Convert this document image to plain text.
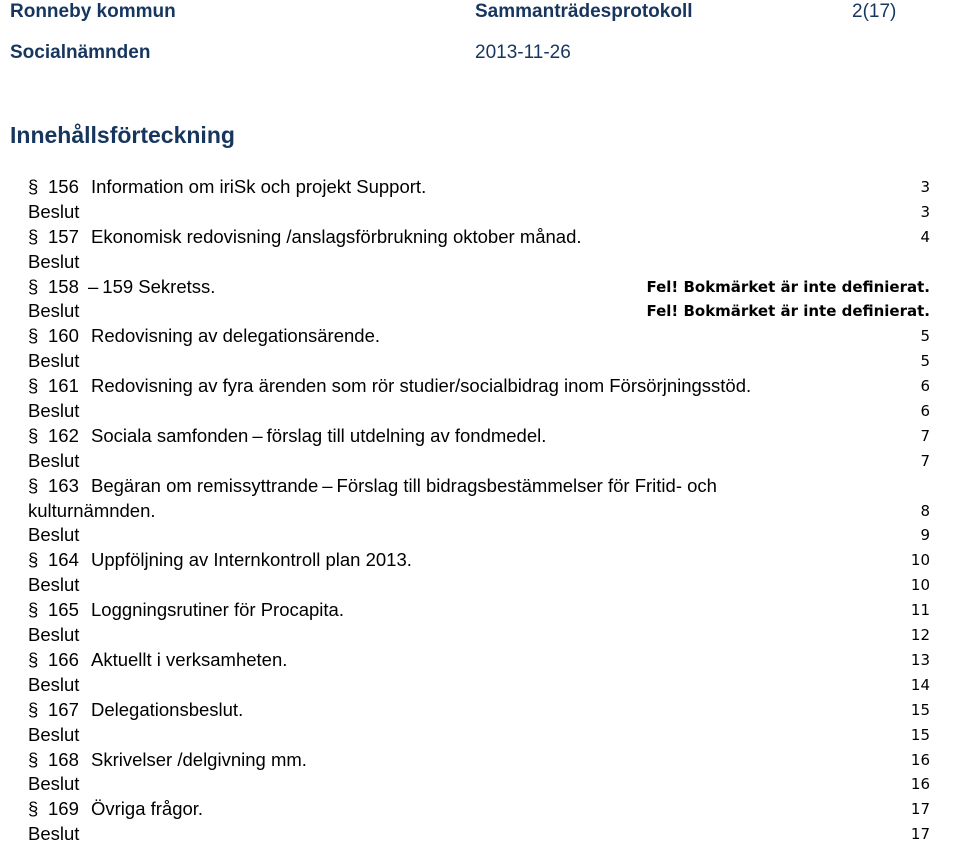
Ronneby kommun	Sammanträdesprotokoll	2(17)
Socialnämnden	2013-11-26
Innehållsförteckning
§ 156 Information om iriSk och projekt Support.	3
Beslut	3
§ 157 Ekonomisk redovisning /anslagsförbrukning oktober månad.	4
Beslut
§ 158 – 159 Sekretss.	Fel! Bokmärket är inte definierat.
Beslut	Fel! Bokmärket är inte definierat.
§ 160 Redovisning av delegationsärende.	5
Beslut	5
§ 161 Redovisning av fyra ärenden som rör studier/socialbidrag inom Försörjningsstöd.	6
Beslut	6
§ 162 Sociala samfonden – förslag till utdelning av fondmedel.	7
Beslut	7
§ 163 Begäran om remissyttrande – Förslag till bidragsbestämmelser för Fritid- och
kulturnämnden.	8
Beslut	9
§ 164 Uppföljning av Internkontroll plan 2013.	10
Beslut	10
§ 165 Loggningsrutiner för Procapita.	11
Beslut	12
§ 166 Aktuellt i verksamheten.	13
Beslut	14
§ 167 Delegationsbeslut.	15
Beslut	15
§ 168 Skrivelser /delgivning mm.	16
Beslut	16
§ 169 Övriga frågor.	17
Beslut	17
